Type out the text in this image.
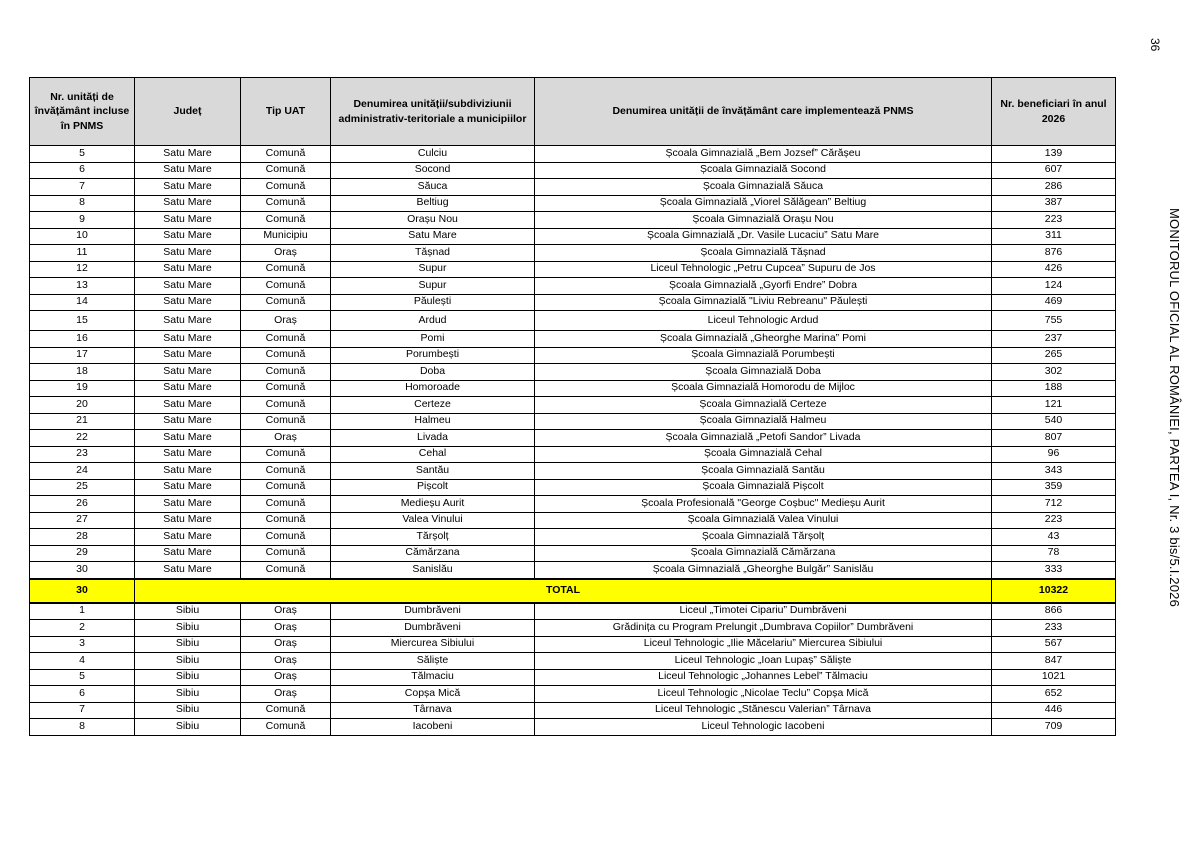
36
MONITORUL OFICIAL AL ROMÂNIEI, PARTEA I, Nr. 3 bis/5.I.2026
Nr. unități de învățământ incluse în PNMS	Județ	Tip UAT	Denumirea unității/subdiviziunii administrativ-teritoriale a municipiilor	Denumirea unității de învățământ care implementează PNMS	Nr. beneficiari în anul 2026
5	Satu Mare	Comună	Culciu	Școala Gimnazială „Bem Jozsef” Cărășeu	139
6	Satu Mare	Comună	Socond	Școala Gimnazială Socond	607
7	Satu Mare	Comună	Săuca	Școala Gimnazială Săuca	286
8	Satu Mare	Comună	Beltiug	Școala Gimnazială „Viorel Sălăgean” Beltiug	387
9	Satu Mare	Comună	Orașu Nou	Școala Gimnazială Orașu Nou	223
10	Satu Mare	Municipiu	Satu Mare	Școala Gimnazială „Dr. Vasile Lucaciu” Satu Mare	311
11	Satu Mare	Oraș	Tășnad	Școala Gimnazială Tășnad	876
12	Satu Mare	Comună	Supur	Liceul Tehnologic „Petru Cupcea” Supuru de Jos	426
13	Satu Mare	Comună	Supur	Școala Gimnazială „Gyorfi Endre” Dobra	124
14	Satu Mare	Comună	Păulești	Școala Gimnazială "Liviu Rebreanu" Păulești	469
15	Satu Mare	Oraș	Ardud	Liceul Tehnologic Ardud	755
16	Satu Mare	Comună	Pomi	Școala Gimnazială „Gheorghe Marina” Pomi	237
17	Satu Mare	Comună	Porumbești	Școala Gimnazială Porumbești	265
18	Satu Mare	Comună	Doba	Școala Gimnazială Doba	302
19	Satu Mare	Comună	Homoroade	Școala Gimnazială Homorodu de Mijloc	188
20	Satu Mare	Comună	Certeze	Școala Gimnazială Certeze	121
21	Satu Mare	Comună	Halmeu	Școala Gimnazială Halmeu	540
22	Satu Mare	Oraș	Livada	Școala Gimnazială „Petofi Sandor” Livada	807
23	Satu Mare	Comună	Cehal	Școala Gimnazială Cehal	96
24	Satu Mare	Comună	Santău	Școala Gimnazială Santău	343
25	Satu Mare	Comună	Pișcolt	Școala Gimnazială Pișcolt	359
26	Satu Mare	Comună	Medieșu Aurit	Școala Profesională "George Coșbuc" Medieșu Aurit	712
27	Satu Mare	Comună	Valea Vinului	Școala Gimnazială Valea Vinului	223
28	Satu Mare	Comună	Tărșolț	Școala Gimnazială Tărșolț	43
29	Satu Mare	Comună	Cămărzana	Școala Gimnazială Cămărzana	78
30	Satu Mare	Comună	Sanislău	Școala Gimnazială „Gheorghe Bulgăr” Sanislău	333
30	TOTAL				10322
1	Sibiu	Oraș	Dumbrăveni	Liceul „Timotei Cipariu” Dumbrăveni	866
2	Sibiu	Oraș	Dumbrăveni	Grădinița cu Program Prelungit „Dumbrava Copiilor” Dumbrăveni	233
3	Sibiu	Oraș	Miercurea Sibiului	Liceul Tehnologic „Ilie Măcelariu” Miercurea Sibiului	567
4	Sibiu	Oraș	Săliște	Liceul Tehnologic „Ioan Lupaș” Săliște	847
5	Sibiu	Oraș	Tălmaciu	Liceul Tehnologic „Johannes Lebel” Tălmaciu	1021
6	Sibiu	Oraș	Copșa Mică	Liceul Tehnologic „Nicolae Teclu” Copșa Mică	652
7	Sibiu	Comună	Târnava	Liceul Tehnologic „Stănescu Valerian” Târnava	446
8	Sibiu	Comună	Iacobeni	Liceul Tehnologic Iacobeni	709
